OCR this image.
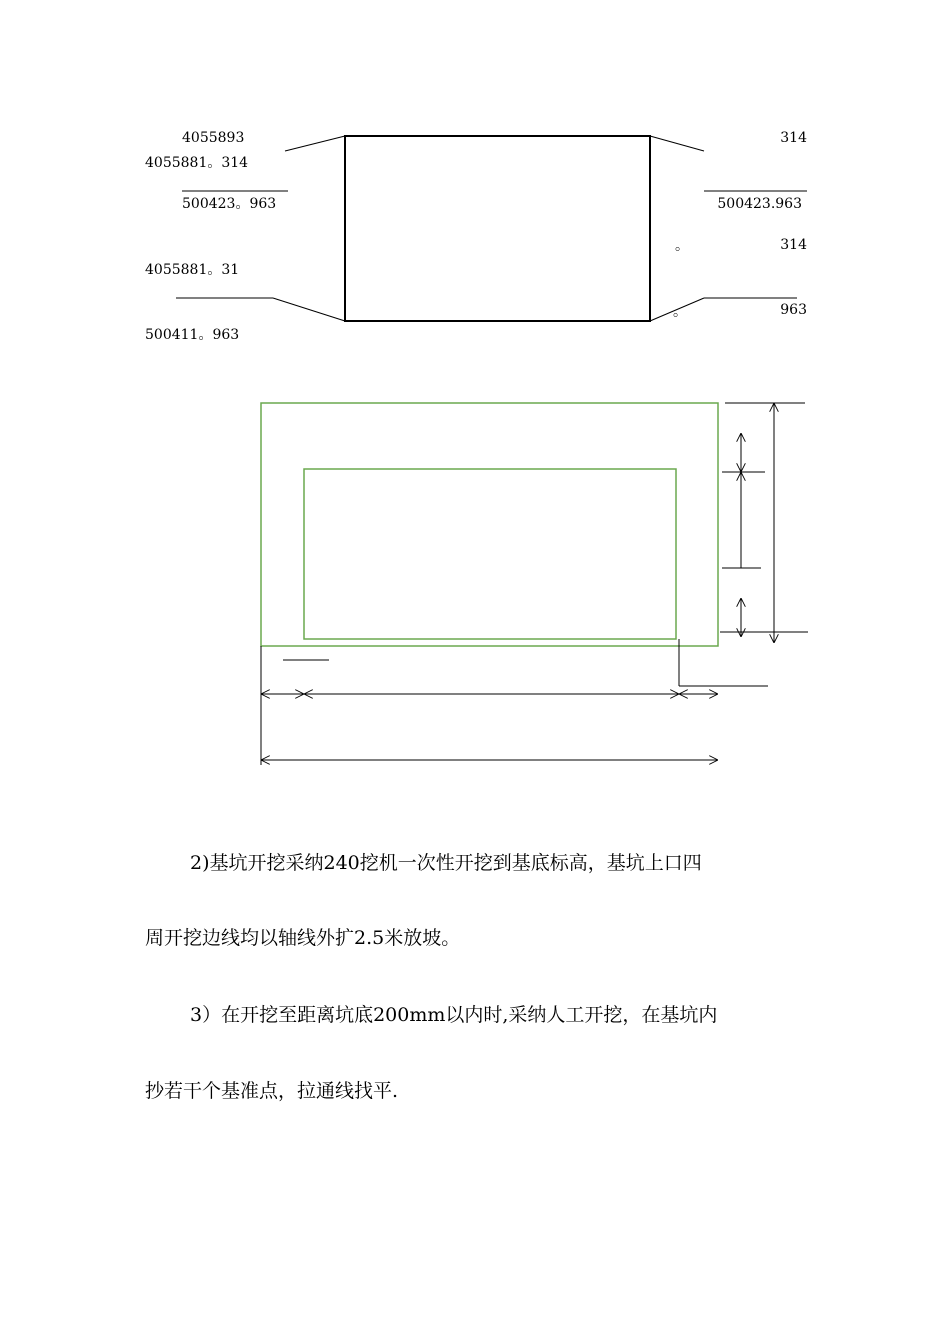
4055893
4055881。314
500423。963
4055881。31
500411。963
314
500423.963
。	314
。	963
2)基坑开挖采纳240挖机一次性开挖到基底标高，基坑上口四
周开挖边线均以轴线外扩2.5米放坡。
3）在开挖至距离坑底200mm以内时,采纳人工开挖，在基坑内
抄若干个基准点，拉通线找平.
